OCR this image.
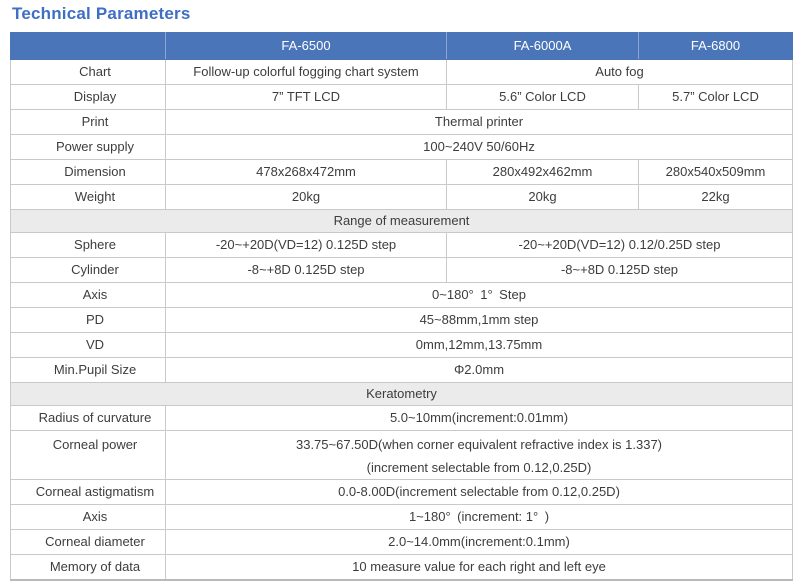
Technical Parameters
	FA-6500	FA-6000A	FA-6800
Chart	Follow-up colorful fogging chart system	Auto fog	
Display	7” TFT LCD	5.6” Color LCD	5.7” Color LCD
Print	Thermal printer		
Power supply	100~240V 50/60Hz		
Dimension	478x268x472mm	280x492x462mm	280x540x509mm
Weight	20kg	20kg	22kg
Range of measurement			
Sphere	-20~+20D(VD=12) 0.125D step	-20~+20D(VD=12) 0.12/0.25D step	
Cylinder	-8~+8D 0.125D step	-8~+8D 0.125D step	
Axis	0~180° 1° Step		
PD	45~88mm,1mm step		
VD	0mm,12mm,13.75mm		
Min.Pupil Size	Φ2.0mm		
Keratometry			
Radius of curvature	5.0~10mm(increment:0.01mm)		
Corneal power	33.75~67.50D(when corner equivalent refractive index is 1.337)
(increment selectable from 0.12,0.25D)		

Corneal astigmatism	0.0-8.00D(increment selectable from 0.12,0.25D)		
Axis	1~180° (increment: 1° )		
Corneal diameter	2.0~14.0mm(increment:0.1mm)		
Memory of data	10 measure value for each right and left eye		
